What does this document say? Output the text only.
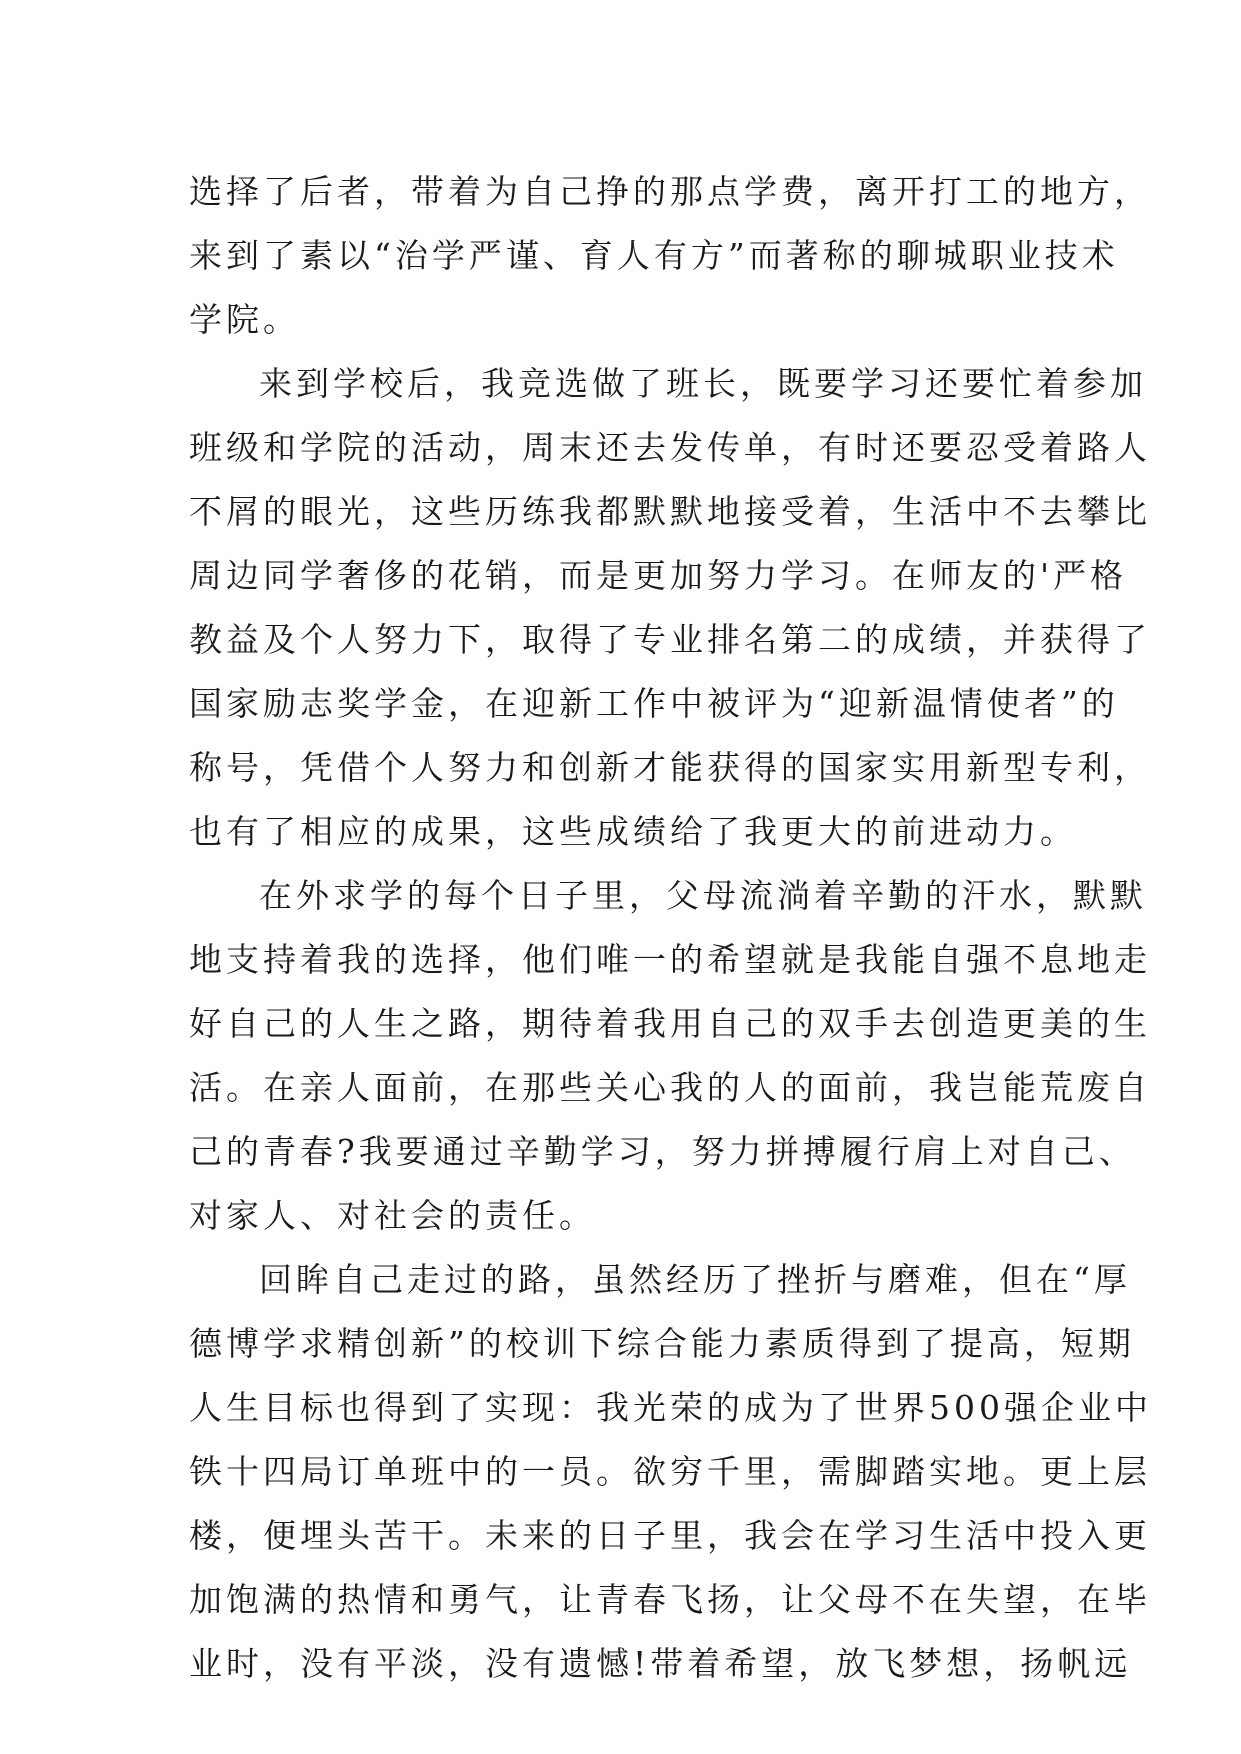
选择了后者，带着为自己挣的那点学费，离开打工的地方，
来到了素以“治学严谨、育人有方”而著称的聊城职业技术
学院。
来到学校后，我竞选做了班长，既要学习还要忙着参加
班级和学院的活动，周末还去发传单，有时还要忍受着路人
不屑的眼光，这些历练我都默默地接受着，生活中不去攀比
周边同学奢侈的花销，而是更加努力学习。在师友的'严格
教益及个人努力下，取得了专业排名第二的成绩，并获得了
国家励志奖学金，在迎新工作中被评为“迎新温情使者”的
称号，凭借个人努力和创新才能获得的国家实用新型专利，
也有了相应的成果，这些成绩给了我更大的前进动力。
在外求学的每个日子里，父母流淌着辛勤的汗水，默默
地支持着我的选择，他们唯一的希望就是我能自强不息地走
好自己的人生之路，期待着我用自己的双手去创造更美的生
活。在亲人面前，在那些关心我的人的面前，我岂能荒废自
己的青春?我要通过辛勤学习，努力拼搏履行肩上对自己、
对家人、对社会的责任。
回眸自己走过的路，虽然经历了挫折与磨难，但在“厚
德博学求精创新”的校训下综合能力素质得到了提高，短期
人生目标也得到了实现：我光荣的成为了世界500强企业中
铁十四局订单班中的一员。欲穷千里，需脚踏实地。更上层
楼，便埋头苦干。未来的日子里，我会在学习生活中投入更
加饱满的热情和勇气，让青春飞扬，让父母不在失望，在毕
业时，没有平淡，没有遗憾!带着希望，放飞梦想，扬帆远
